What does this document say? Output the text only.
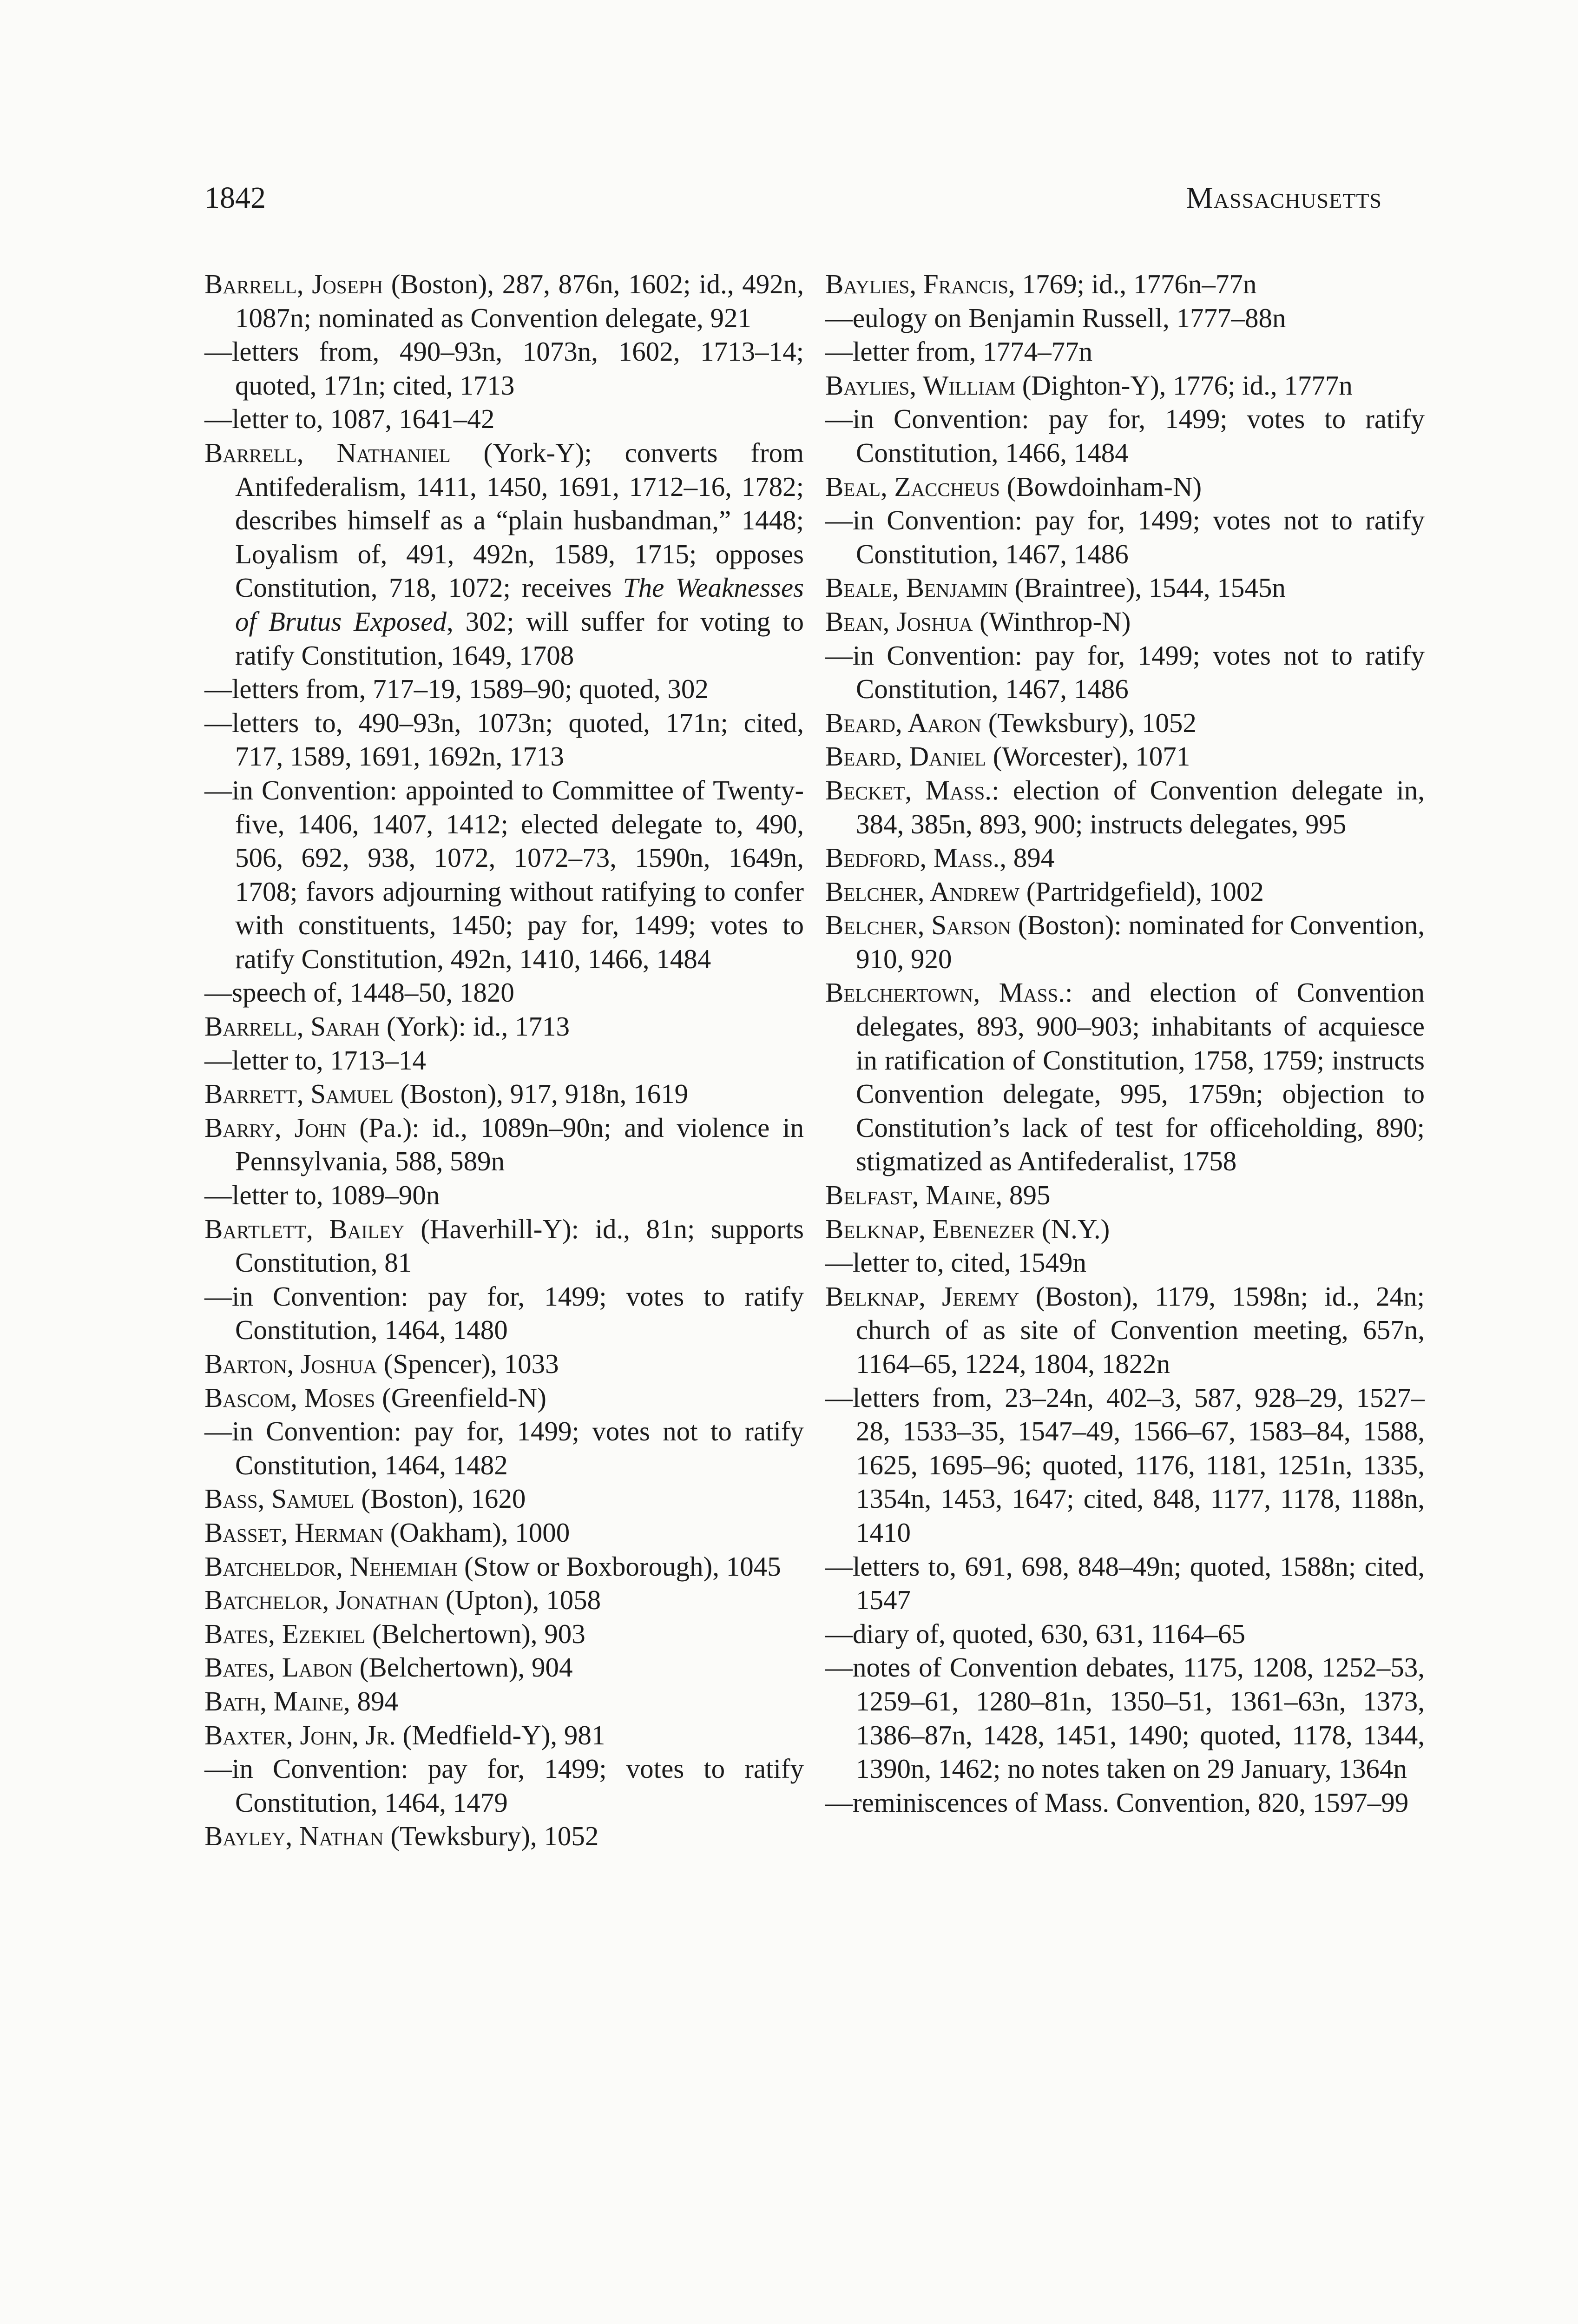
1842	Massachusetts

Barrell, Joseph (Boston), 287, 876n, 1602; id., 492n, 1087n; nominated as Convention delegate, 921

—letters from, 490–93n, 1073n, 1602, 1713–14; quoted, 171n; cited, 1713

—letter to, 1087, 1641–42

Barrell, Nathaniel (York-Y); converts from Antifederalism, 1411, 1450, 1691, 1712–16, 1782; describes himself as a “plain husbandman,” 1448; Loyalism of, 491, 492n, 1589, 1715; opposes Constitution, 718, 1072; receives The Weaknesses of Brutus Exposed, 302; will suffer for voting to ratify Constitution, 1649, 1708

—letters from, 717–19, 1589–90; quoted, 302

—letters to, 490–93n, 1073n; quoted, 171n; cited, 717, 1589, 1691, 1692n, 1713

—in Convention: appointed to Committee of Twenty-five, 1406, 1407, 1412; elected delegate to, 490, 506, 692, 938, 1072, 1072–73, 1590n, 1649n, 1708; favors adjourning without ratifying to confer with constituents, 1450; pay for, 1499; votes to ratify Constitution, 492n, 1410, 1466, 1484

—speech of, 1448–50, 1820

Barrell, Sarah (York): id., 1713

—letter to, 1713–14

Barrett, Samuel (Boston), 917, 918n, 1619

Barry, John (Pa.): id., 1089n–90n; and violence in Pennsylvania, 588, 589n

—letter to, 1089–90n

Bartlett, Bailey (Haverhill-Y): id., 81n; supports Constitution, 81

—in Convention: pay for, 1499; votes to ratify Constitution, 1464, 1480

Barton, Joshua (Spencer), 1033

Bascom, Moses (Greenfield-N)

—in Convention: pay for, 1499; votes not to ratify Constitution, 1464, 1482

Bass, Samuel (Boston), 1620

Basset, Herman (Oakham), 1000

Batcheldor, Nehemiah (Stow or Boxborough), 1045

Batchelor, Jonathan (Upton), 1058

Bates, Ezekiel (Belchertown), 903

Bates, Labon (Belchertown), 904

Bath, Maine, 894

Baxter, John, Jr. (Medfield-Y), 981

—in Convention: pay for, 1499; votes to ratify Constitution, 1464, 1479

Bayley, Nathan (Tewksbury), 1052

Baylies, Francis, 1769; id., 1776n–77n

—eulogy on Benjamin Russell, 1777–88n

—letter from, 1774–77n

Baylies, William (Dighton-Y), 1776; id., 1777n

—in Convention: pay for, 1499; votes to ratify Constitution, 1466, 1484

Beal, Zaccheus (Bowdoinham-N)

—in Convention: pay for, 1499; votes not to ratify Constitution, 1467, 1486

Beale, Benjamin (Braintree), 1544, 1545n

Bean, Joshua (Winthrop-N)

—in Convention: pay for, 1499; votes not to ratify Constitution, 1467, 1486

Beard, Aaron (Tewksbury), 1052

Beard, Daniel (Worcester), 1071

Becket, Mass.: election of Convention delegate in, 384, 385n, 893, 900; instructs delegates, 995

Bedford, Mass., 894

Belcher, Andrew (Partridgefield), 1002

Belcher, Sarson (Boston): nominated for Convention, 910, 920

Belchertown, Mass.: and election of Convention delegates, 893, 900–903; inhabitants of acquiesce in ratification of Constitution, 1758, 1759; instructs Convention delegate, 995, 1759n; objection to Constitution’s lack of test for officeholding, 890; stigmatized as Antifederalist, 1758

Belfast, Maine, 895

Belknap, Ebenezer (N.Y.)

—letter to, cited, 1549n

Belknap, Jeremy (Boston), 1179, 1598n; id., 24n; church of as site of Convention meeting, 657n, 1164–65, 1224, 1804, 1822n

—letters from, 23–24n, 402–3, 587, 928–29, 1527–28, 1533–35, 1547–49, 1566–67, 1583–84, 1588, 1625, 1695–96; quoted, 1176, 1181, 1251n, 1335, 1354n, 1453, 1647; cited, 848, 1177, 1178, 1188n, 1410

—letters to, 691, 698, 848–49n; quoted, 1588n; cited, 1547

—diary of, quoted, 630, 631, 1164–65

—notes of Convention debates, 1175, 1208, 1252–53, 1259–61, 1280–81n, 1350–51, 1361–63n, 1373, 1386–87n, 1428, 1451, 1490; quoted, 1178, 1344, 1390n, 1462; no notes taken on 29 January, 1364n

—reminiscences of Mass. Convention, 820, 1597–99
